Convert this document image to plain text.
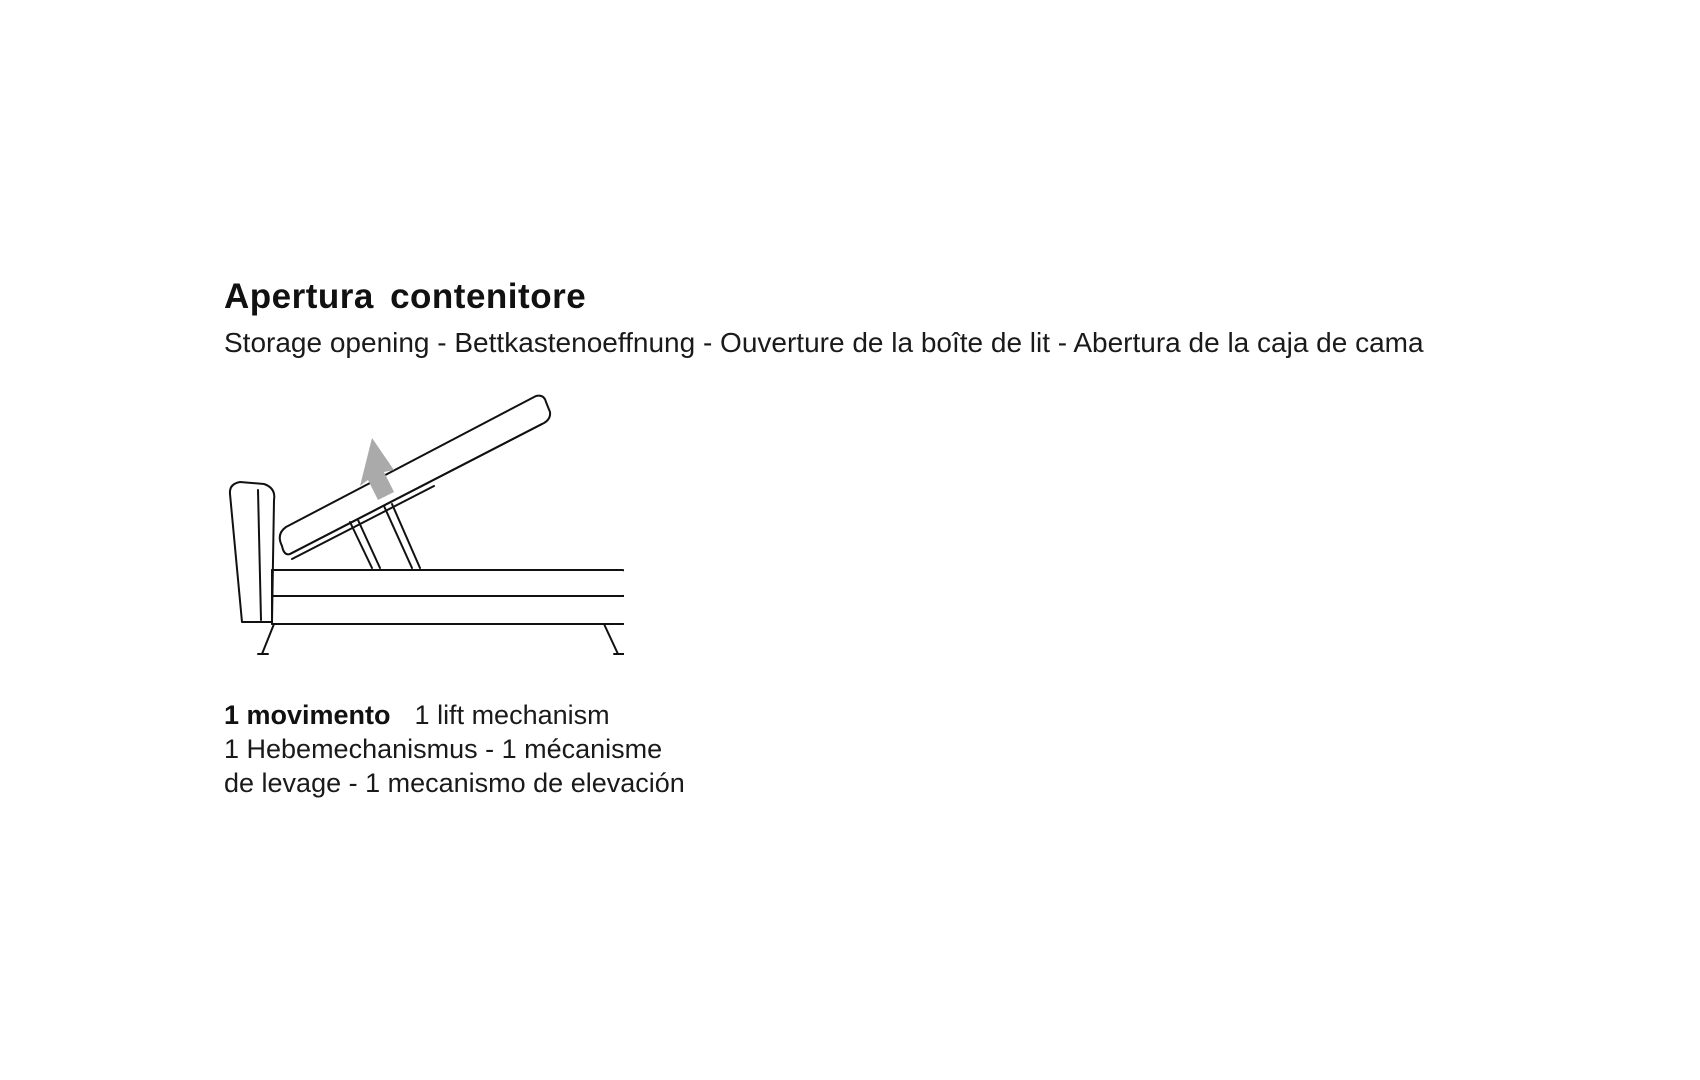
Apertura contenitore

Storage opening - Bettkastenoeffnung - Ouverture de la boîte de lit - Abertura de la caja de cama

1 movimento 1 lift mechanism
1 Hebemechanismus - 1 mécanisme
de levage - 1 mecanismo de elevación
